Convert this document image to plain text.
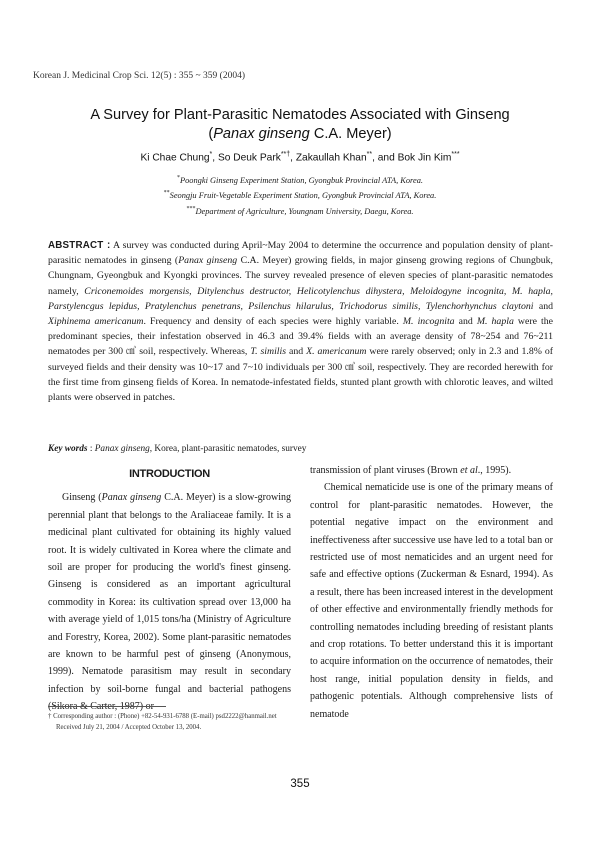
Korean J. Medicinal Crop Sci. 12(5) : 355 ~ 359 (2004)
A Survey for Plant-Parasitic Nematodes Associated with Ginseng
(Panax ginseng C.A. Meyer)
Ki Chae Chung*, So Deuk Park**†, Zakaullah Khan**, and Bok Jin Kim***
*Poongki Ginseng Experiment Station, Gyongbuk Provincial ATA, Korea.
**Seongju Fruit-Vegetable Experiment Station, Gyongbuk Provincial ATA, Korea.
***Department of Agriculture, Youngnam University, Daegu, Korea.
ABSTRACT : A survey was conducted during April~May 2004 to determine the occurrence and population density of plant-parasitic nematodes in ginseng (Panax ginseng C.A. Meyer) growing fields, in major ginseng growing regions of Chungbuk, Chungnam, Gyeongbuk and Kyongki provinces. The survey revealed presence of eleven species of plant-parasitic nematodes namely, Criconemoides morgensis, Ditylenchus destructor, Helicotylenchus dihystera, Meloidogyne incognita, M. hapla, Parstylencgus lepidus, Pratylenchus penetrans, Psilenchus hilarulus, Trichodorus similis, Tylenchorhynchus claytoni and Xiphinema americanum. Frequency and density of each species were highly variable. M. incognita and M. hapla were the predominant species, their infestation observed in 46.3 and 39.4% fields with an average density of 78~254 and 76~211 nematodes per 300 ㎤ soil, respectively. Whereas, T. similis and X. americanum were rarely observed; only in 2.3 and 1.8% of surveyed fields and their density was 10~17 and 7~10 individuals per 300 ㎤ soil, respectively. They are recorded herewith for the first time from ginseng fields of Korea. In nematode-infestated fields, stunted plant growth with chlorotic leaves, and wilted plants were observed in patches.
Key words : Panax ginseng, Korea, plant-parasitic nematodes, survey
INTRODUCTION

Ginseng (Panax ginseng C.A. Meyer) is a slow-growing perennial plant that belongs to the Araliaceae family. It is a medicinal plant cultivated for obtaining its highly valued root. It is widely cultivated in Korea where the climate and soil are proper for producing the world's finest ginseng. Ginseng is considered as an important agricultural commodity in Korea: its cultivation spread over 13,000 ha with average yield of 1,015 tons/ha (Ministry of Agriculture and Forestry, Korea, 2002). Some plant-parasitic nematodes are known to be harmful pest of ginseng (Anonymous, 1999). Nematode parasitism may result in secondary infection by soil-borne fungal and bacterial pathogens (Sikora & Carter, 1987) or

transmission of plant viruses (Brown et al., 1995).

Chemical nematicide use is one of the primary means of control for plant-parasitic nematodes. However, the potential negative impact on the environment and ineffectiveness after successive use have led to a total ban or restricted use of most nematicides and an urgent need for safe and effective options (Zuckerman & Esnard, 1994). As a result, there has been increased interest in the development of other effective and environmentally friendly methods for controlling nematodes including breeding of resistant plants and crop rotations. To better understand this it is important to acquire information on the occurrence of nematodes, their host range, initial population density in fields, and pathogenic potentials. Although comprehensive lists of nematode

† Corresponding author : (Phone) +82-54-931-6788 (E-mail) psd2222@hanmail.net
Received July 21, 2004 / Accepted October 13, 2004.
355
